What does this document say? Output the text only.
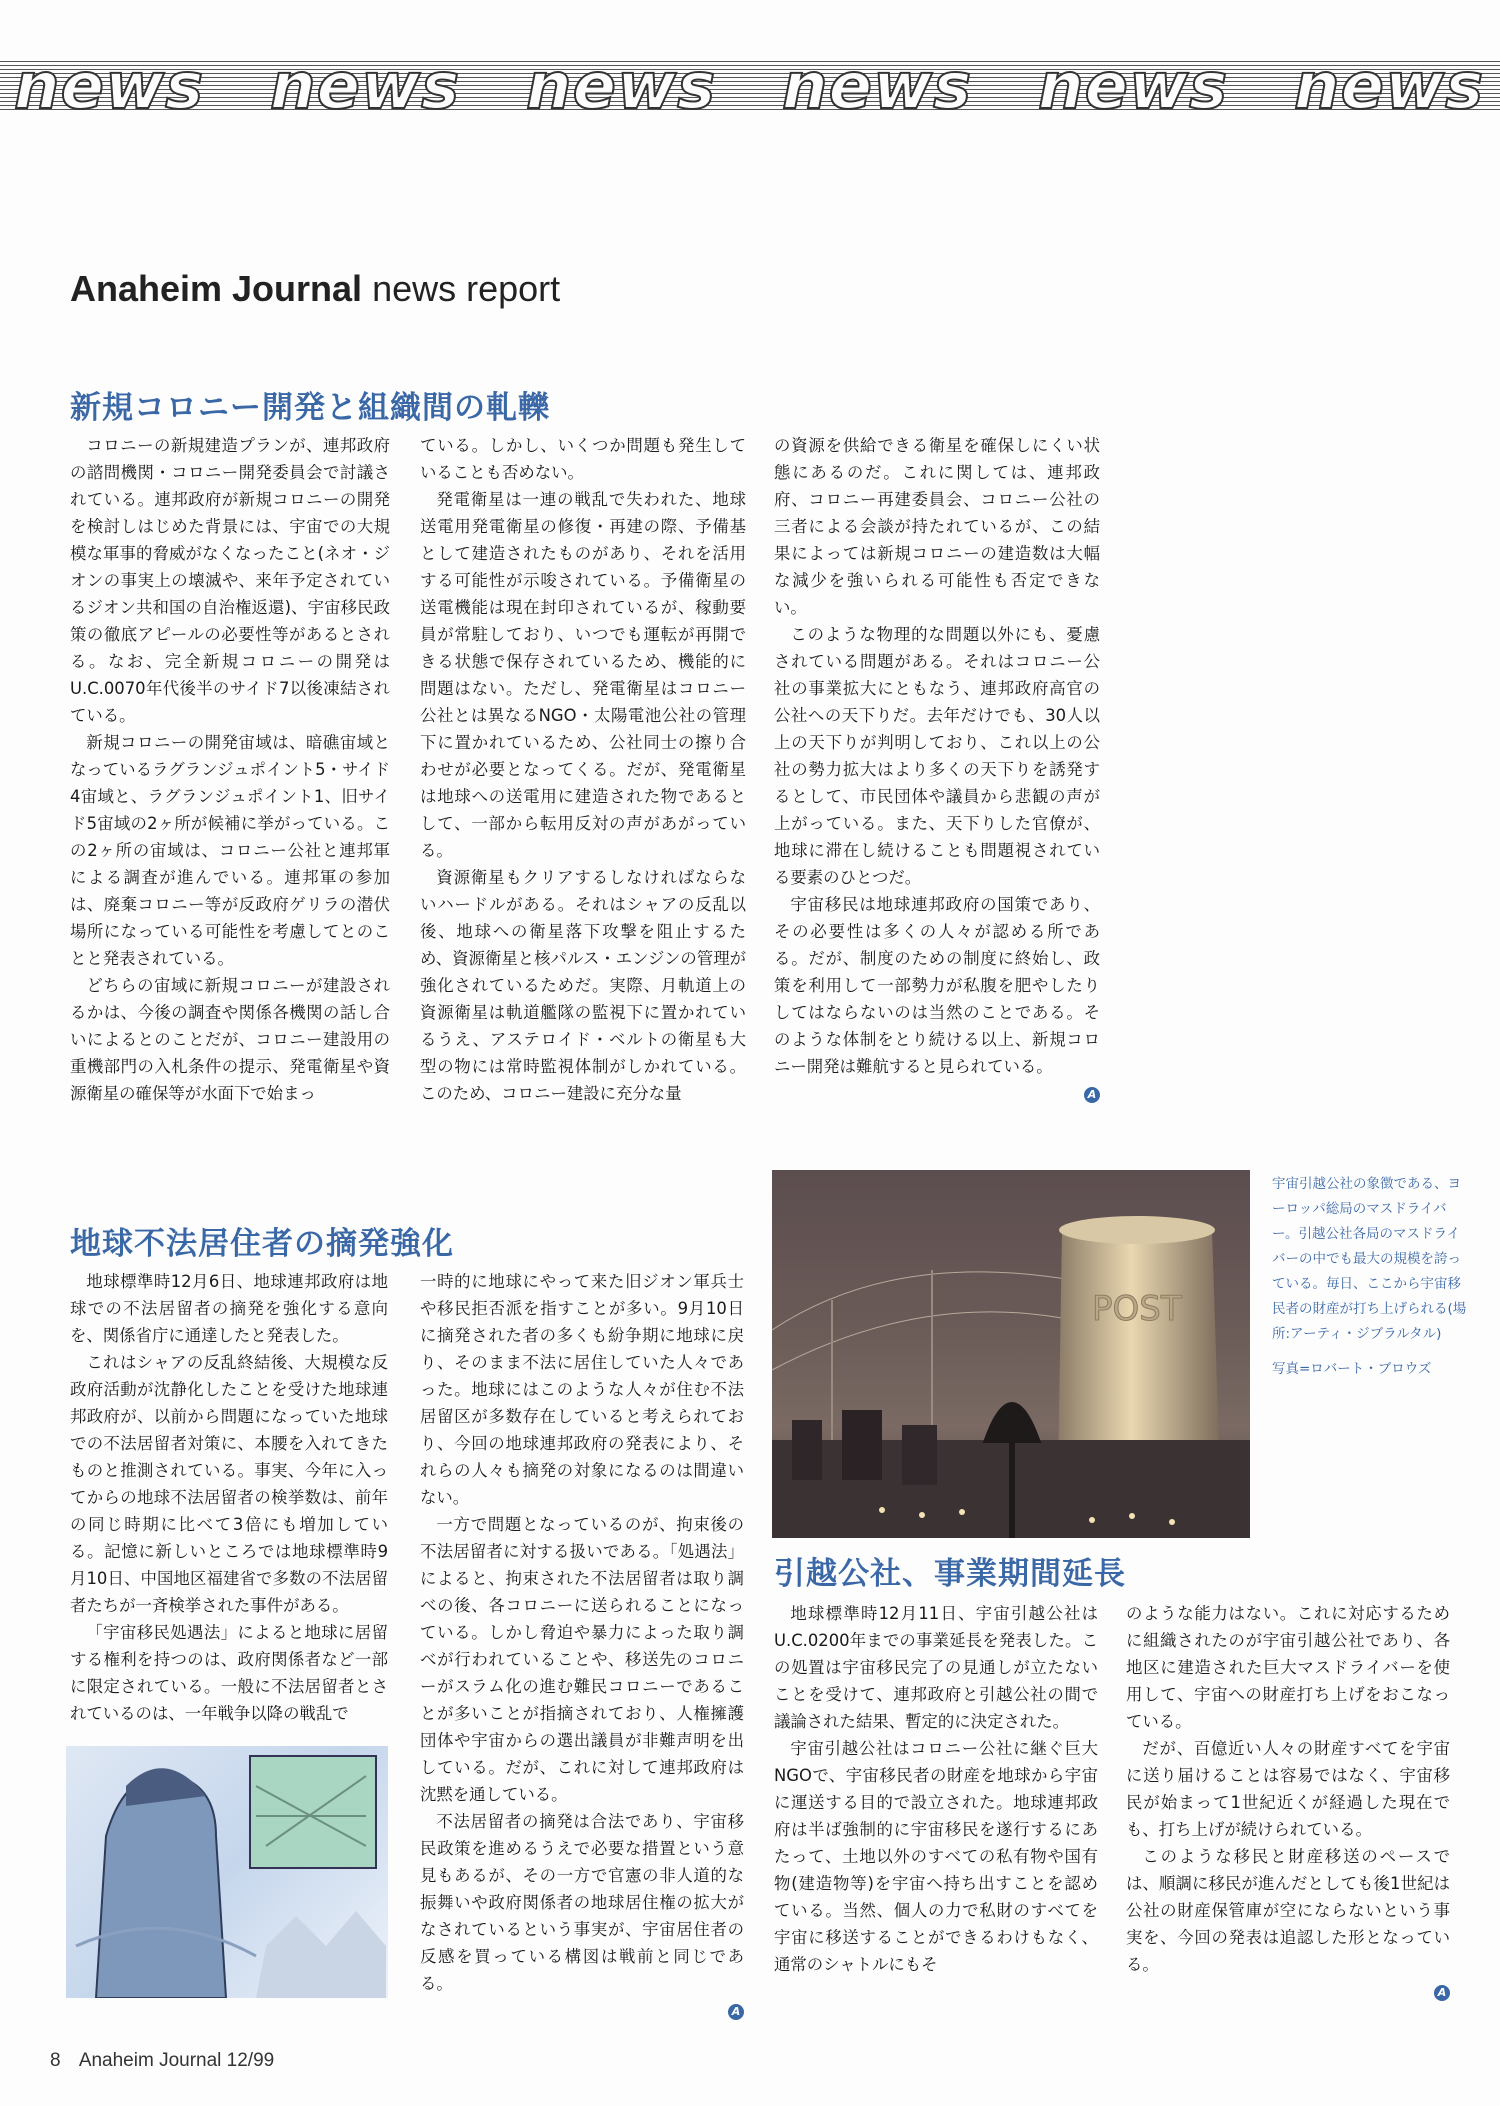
news news news news news news
Anaheim Journal news report
新規コロニー開発と組織間の軋轢

コロニーの新規建造プランが、連邦政府の諮問機関・コロニー開発委員会で討議されている。連邦政府が新規コロニーの開発を検討しはじめた背景には、宇宙での大規模な軍事的脅威がなくなったこと(ネオ・ジオンの事実上の壊滅や、来年予定されているジオン共和国の自治権返還)、宇宙移民政策の徹底アピールの必要性等があるとされる。なお、完全新規コロニーの開発はU.C.0070年代後半のサイド7以後凍結されている。

新規コロニーの開発宙域は、暗礁宙域となっているラグランジュポイント5・サイド4宙域と、ラグランジュポイント1、旧サイド5宙域の2ヶ所が候補に挙がっている。この2ヶ所の宙域は、コロニー公社と連邦軍による調査が進んでいる。連邦軍の参加は、廃棄コロニー等が反政府ゲリラの潜伏場所になっている可能性を考慮してとのことと発表されている。

どちらの宙域に新規コロニーが建設されるかは、今後の調査や関係各機関の話し合いによるとのことだが、コロニー建設用の重機部門の入札条件の提示、発電衛星や資源衛星の確保等が水面下で始まっ

ている。しかし、いくつか問題も発生していることも否めない。

発電衛星は一連の戦乱で失われた、地球送電用発電衛星の修復・再建の際、予備基として建造されたものがあり、それを活用する可能性が示唆されている。予備衛星の送電機能は現在封印されているが、稼動要員が常駐しており、いつでも運転が再開できる状態で保存されているため、機能的に問題はない。ただし、発電衛星はコロニー公社とは異なるNGO・太陽電池公社の管理下に置かれているため、公社同士の擦り合わせが必要となってくる。だが、発電衛星は地球への送電用に建造された物であるとして、一部から転用反対の声があがっている。

資源衛星もクリアするしなければならないハードルがある。それはシャアの反乱以後、地球への衛星落下攻撃を阻止するため、資源衛星と核パルス・エンジンの管理が強化されているためだ。実際、月軌道上の資源衛星は軌道艦隊の監視下に置かれているうえ、アステロイド・ベルトの衛星も大型の物には常時監視体制がしかれている。このため、コロニー建設に充分な量

の資源を供給できる衛星を確保しにくい状態にあるのだ。これに関しては、連邦政府、コロニー再建委員会、コロニー公社の三者による会談が持たれているが、この結果によっては新規コロニーの建造数は大幅な減少を強いられる可能性も否定できない。

このような物理的な問題以外にも、憂慮されている問題がある。それはコロニー公社の事業拡大にともなう、連邦政府高官の公社への天下りだ。去年だけでも、30人以上の天下りが判明しており、これ以上の公社の勢力拡大はより多くの天下りを誘発するとして、市民団体や議員から悲観の声が上がっている。また、天下りした官僚が、地球に滞在し続けることも問題視されている要素のひとつだ。

宇宙移民は地球連邦政府の国策であり、その必要性は多くの人々が認める所である。だが、制度のための制度に終始し、政策を利用して一部勢力が私腹を肥やしたりしてはならないのは当然のことである。そのような体制をとり続ける以上、新規コロニー開発は難航すると見られている。

A
地球不法居住者の摘発強化

地球標準時12月6日、地球連邦政府は地球での不法居留者の摘発を強化する意向を、関係省庁に通達したと発表した。

これはシャアの反乱終結後、大規模な反政府活動が沈静化したことを受けた地球連邦政府が、以前から問題になっていた地球での不法居留者対策に、本腰を入れてきたものと推測されている。事実、今年に入ってからの地球不法居留者の検挙数は、前年の同じ時期に比べて3倍にも増加している。記憶に新しいところでは地球標準時9月10日、中国地区福建省で多数の不法居留者たちが一斉検挙された事件がある。

「宇宙移民処遇法」によると地球に居留する権利を持つのは、政府関係者など一部に限定されている。一般に不法居留者とされているのは、一年戦争以降の戦乱で

一時的に地球にやって来た旧ジオン軍兵士や移民拒否派を指すことが多い。9月10日に摘発された者の多くも紛争期に地球に戻り、そのまま不法に居住していた人々であった。地球にはこのような人々が住む不法居留区が多数存在していると考えられており、今回の地球連邦政府の発表により、それらの人々も摘発の対象になるのは間違いない。

一方で問題となっているのが、拘束後の不法居留者に対する扱いである。「処遇法」によると、拘束された不法居留者は取り調べの後、各コロニーに送られることになっている。しかし脅迫や暴力によった取り調べが行われていることや、移送先のコロニーがスラム化の進む難民コロニーであることが多いことが指摘されており、人権擁護団体や宇宙からの選出議員が非難声明を出している。だが、これに対して連邦政府は沈黙を通している。

不法居留者の摘発は合法であり、宇宙移民政策を進めるうえで必要な措置という意見もあるが、その一方で官憲の非人道的な振舞いや政府関係者の地球居住権の拡大がなされているという事実が、宇宙居住者の反感を買っている構図は戦前と同じである。

A
POST
宇宙引越公社の象徴である、ヨーロッパ総局のマスドライバー。引越公社各局のマスドライバーの中でも最大の規模を誇っている。毎日、ここから宇宙移民者の財産が打ち上げられる(場所:アーティ・ジブラルタル)
写真=ロバート・ブロウズ
引越公社、事業期間延長

地球標準時12月11日、宇宙引越公社はU.C.0200年までの事業延長を発表した。この処置は宇宙移民完了の見通しが立たないことを受けて、連邦政府と引越公社の間で議論された結果、暫定的に決定された。

宇宙引越公社はコロニー公社に継ぐ巨大NGOで、宇宙移民者の財産を地球から宇宙に運送する目的で設立された。地球連邦政府は半ば強制的に宇宙移民を遂行するにあたって、土地以外のすべての私有物や国有物(建造物等)を宇宙へ持ち出すことを認めている。当然、個人の力で私財のすべてを宇宙に移送することができるわけもなく、通常のシャトルにもそ

のような能力はない。これに対応するために組織されたのが宇宙引越公社であり、各地区に建造された巨大マスドライバーを使用して、宇宙への財産打ち上げをおこなっている。

だが、百億近い人々の財産すべてを宇宙に送り届けることは容易ではなく、宇宙移民が始まって1世紀近くが経過した現在でも、打ち上げが続けられている。

このような移民と財産移送のペースでは、順調に移民が進んだとしても後1世紀は公社の財産保管庫が空にならないという事実を、今回の発表は追認した形となっている。

A
8 Anaheim Journal 12/99
